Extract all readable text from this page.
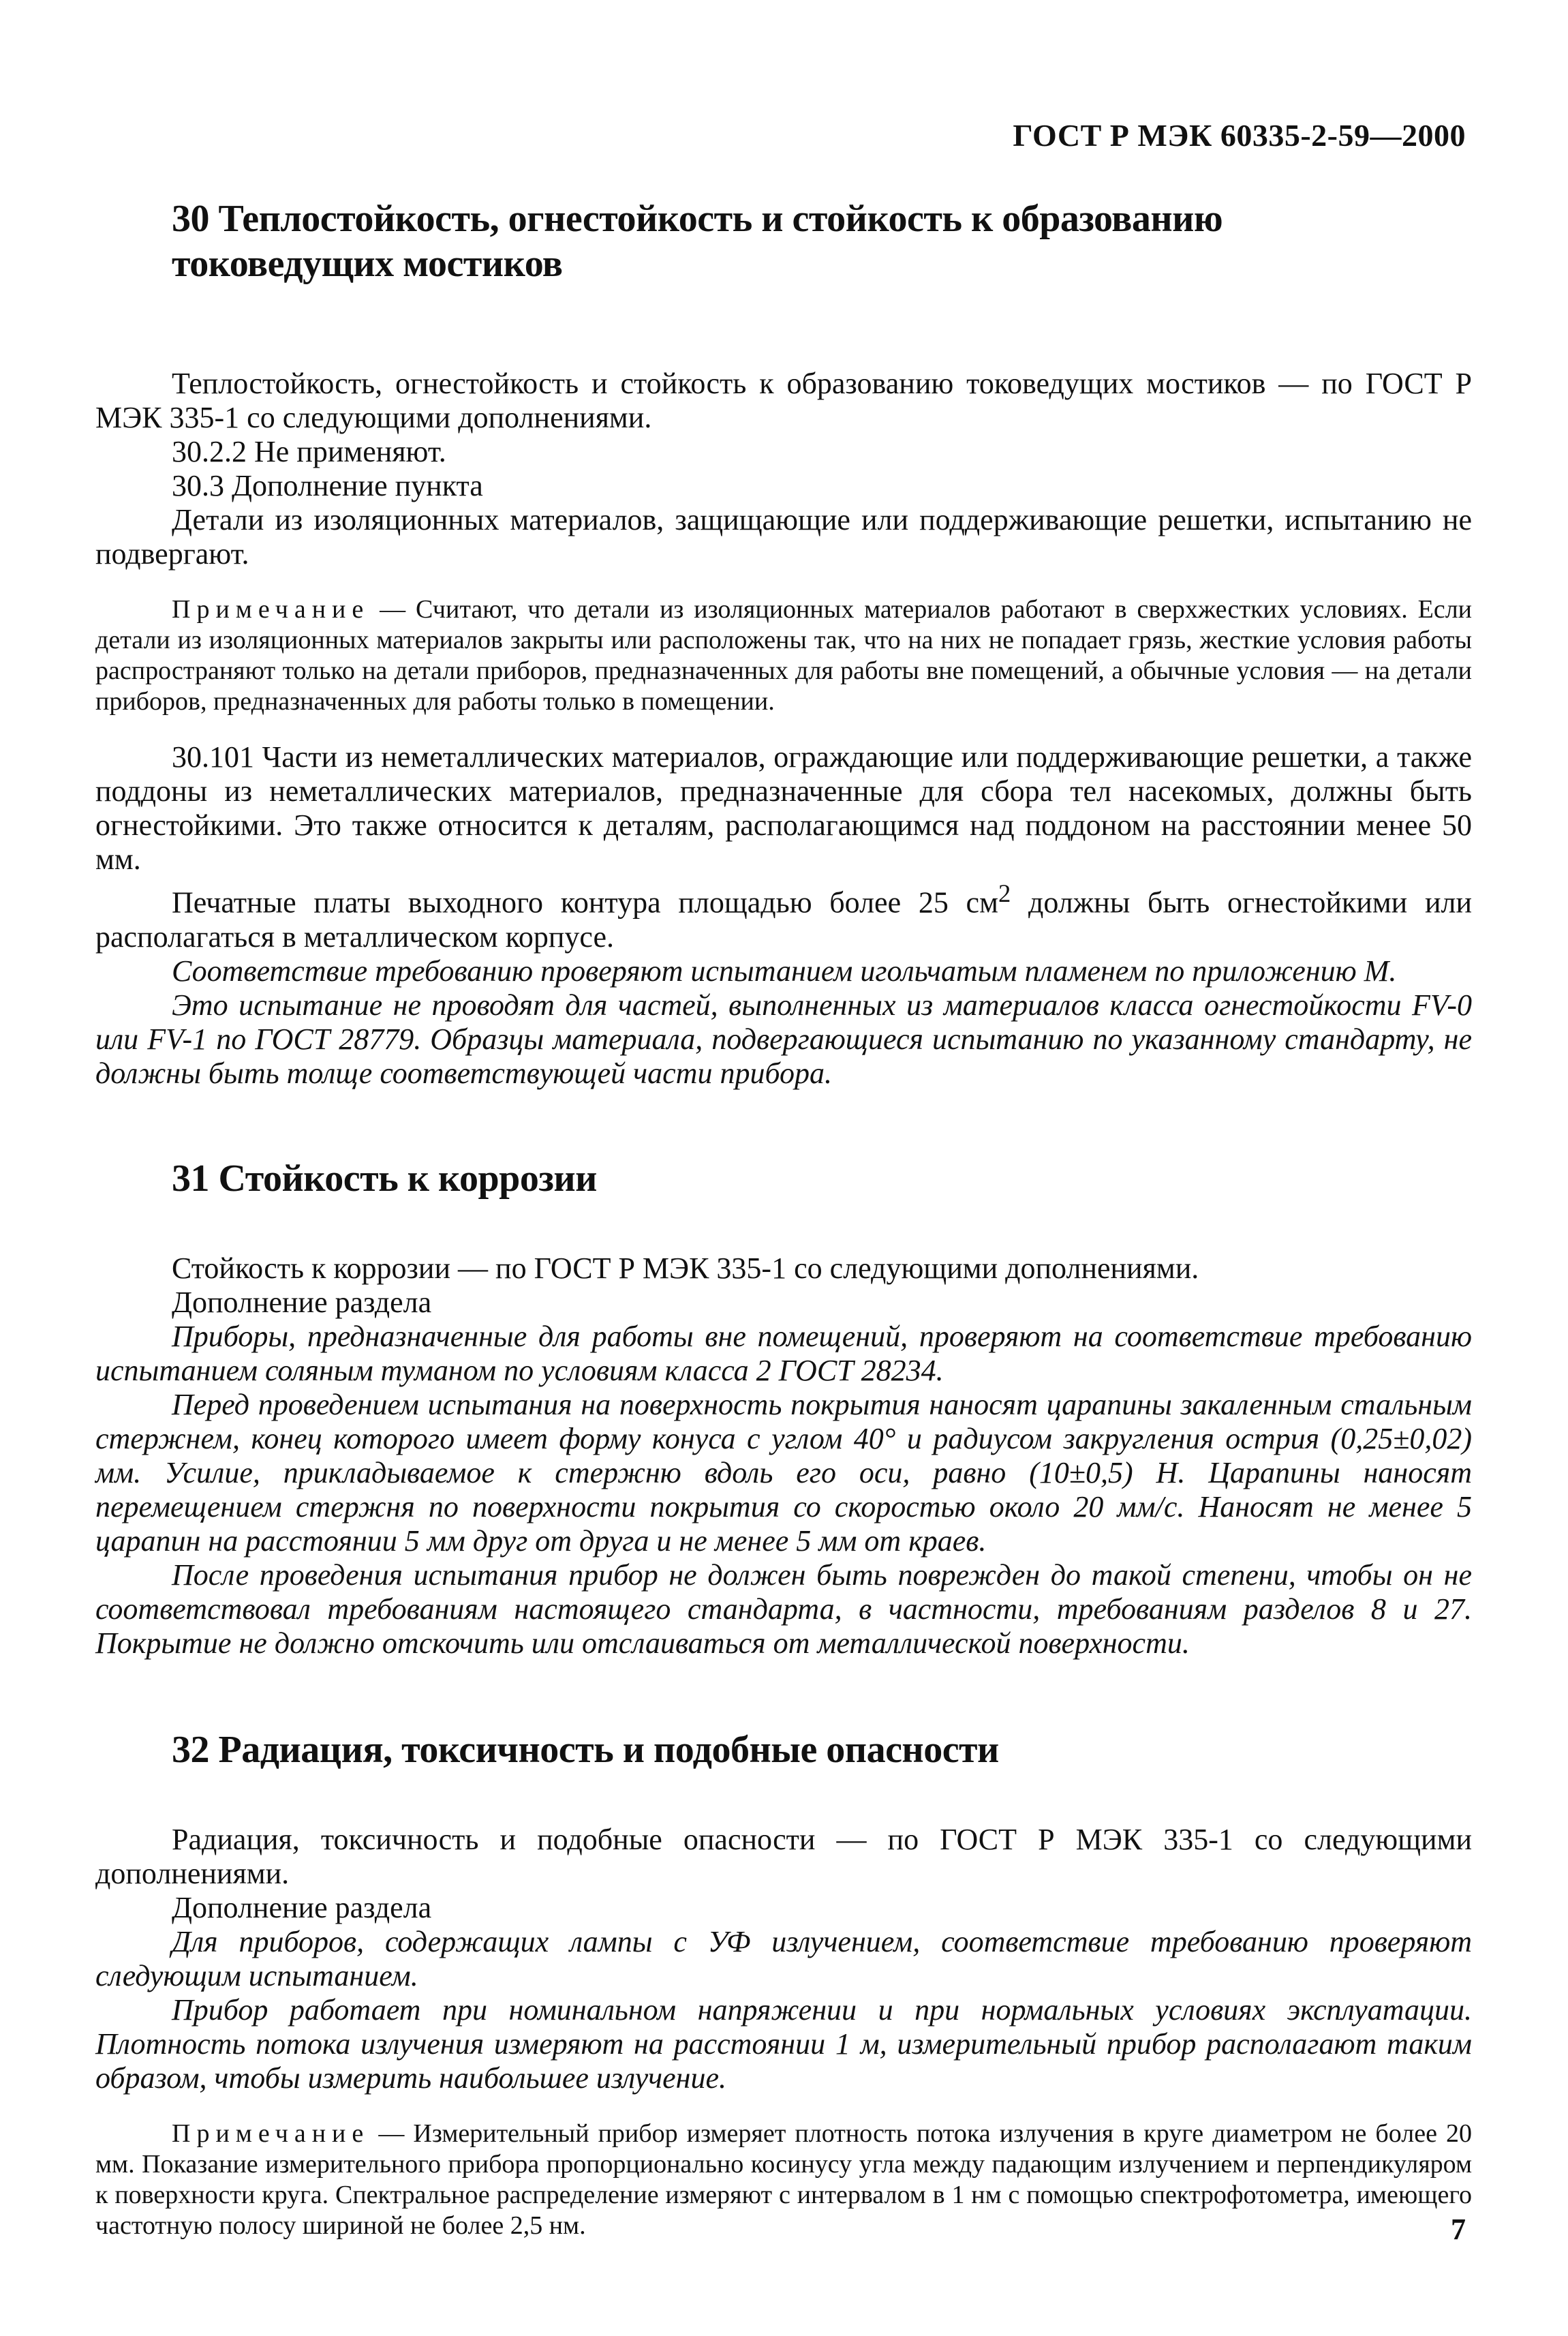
ГОСТ Р МЭК 60335-2-59—2000
30 Теплостойкость, огнестойкость и стойкость к образованию токоведущих мостиков

Теплостойкость, огнестойкость и стойкость к образованию токоведущих мостиков — по ГОСТ Р МЭК 335-1 со следующими дополнениями.

30.2.2 Не применяют.

30.3 Дополнение пункта

Детали из изоляционных материалов, защищающие или поддерживающие решетки, испытанию не подвергают.

Примечание — Считают, что детали из изоляционных материалов работают в сверхжестких условиях. Если детали из изоляционных материалов закрыты или расположены так, что на них не попадает грязь, жесткие условия работы распространяют только на детали приборов, предназначенных для работы вне помещений, а обычные условия — на детали приборов, предназначенных для работы только в помещении.

30.101 Части из неметаллических материалов, ограждающие или поддерживающие решетки, а также поддоны из неметаллических материалов, предназначенные для сбора тел насекомых, должны быть огнестойкими. Это также относится к деталям, располагающимся над поддоном на расстоянии менее 50 мм.

Печатные платы выходного контура площадью более 25 $см^2$ должны быть огнестойкими или располагаться в металлическом корпусе.

Соответствие требованию проверяют испытанием игольчатым пламенем по приложению М.

Это испытание не проводят для частей, выполненных из материалов класса огнестойкости FV-0 или FV-1 по ГОСТ 28779. Образцы материала, подвергающиеся испытанию по указанному стандарту, не должны быть толще соответствующей части прибора.

31 Стойкость к коррозии

Стойкость к коррозии — по ГОСТ Р МЭК 335-1 со следующими дополнениями.

Дополнение раздела

Приборы, предназначенные для работы вне помещений, проверяют на соответствие требованию испытанием соляным туманом по условиям класса 2 ГОСТ 28234.

Перед проведением испытания на поверхность покрытия наносят царапины закаленным стальным стержнем, конец которого имеет форму конуса с углом 40° и радиусом закругления острия (0,25±0,02) мм. Усилие, прикладываемое к стержню вдоль его оси, равно (10±0,5) Н. Царапины наносят перемещением стержня по поверхности покрытия со скоростью около 20 мм/с. Наносят не менее 5 царапин на расстоянии 5 мм друг от друга и не менее 5 мм от краев.

После проведения испытания прибор не должен быть поврежден до такой степени, чтобы он не соответствовал требованиям настоящего стандарта, в частности, требованиям разделов 8 и 27. Покрытие не должно отскочить или отслаиваться от металлической поверхности.

32 Радиация, токсичность и подобные опасности

Радиация, токсичность и подобные опасности — по ГОСТ Р МЭК 335-1 со следующими дополнениями.

Дополнение раздела

Для приборов, содержащих лампы с УФ излучением, соответствие требованию проверяют следующим испытанием.

Прибор работает при номинальном напряжении и при нормальных условиях эксплуатации. Плотность потока излучения измеряют на расстоянии 1 м, измерительный прибор располагают таким образом, чтобы измерить наибольшее излучение.

Примечание — Измерительный прибор измеряет плотность потока излучения в круге диаметром не более 20 мм. Показание измерительного прибора пропорционально косинусу угла между падающим излучением и перпендикуляром к поверхности круга. Спектральное распределение измеряют с интервалом в 1 нм с помощью спектрофотометра, имеющего частотную полосу шириной не более 2,5 нм.	7
